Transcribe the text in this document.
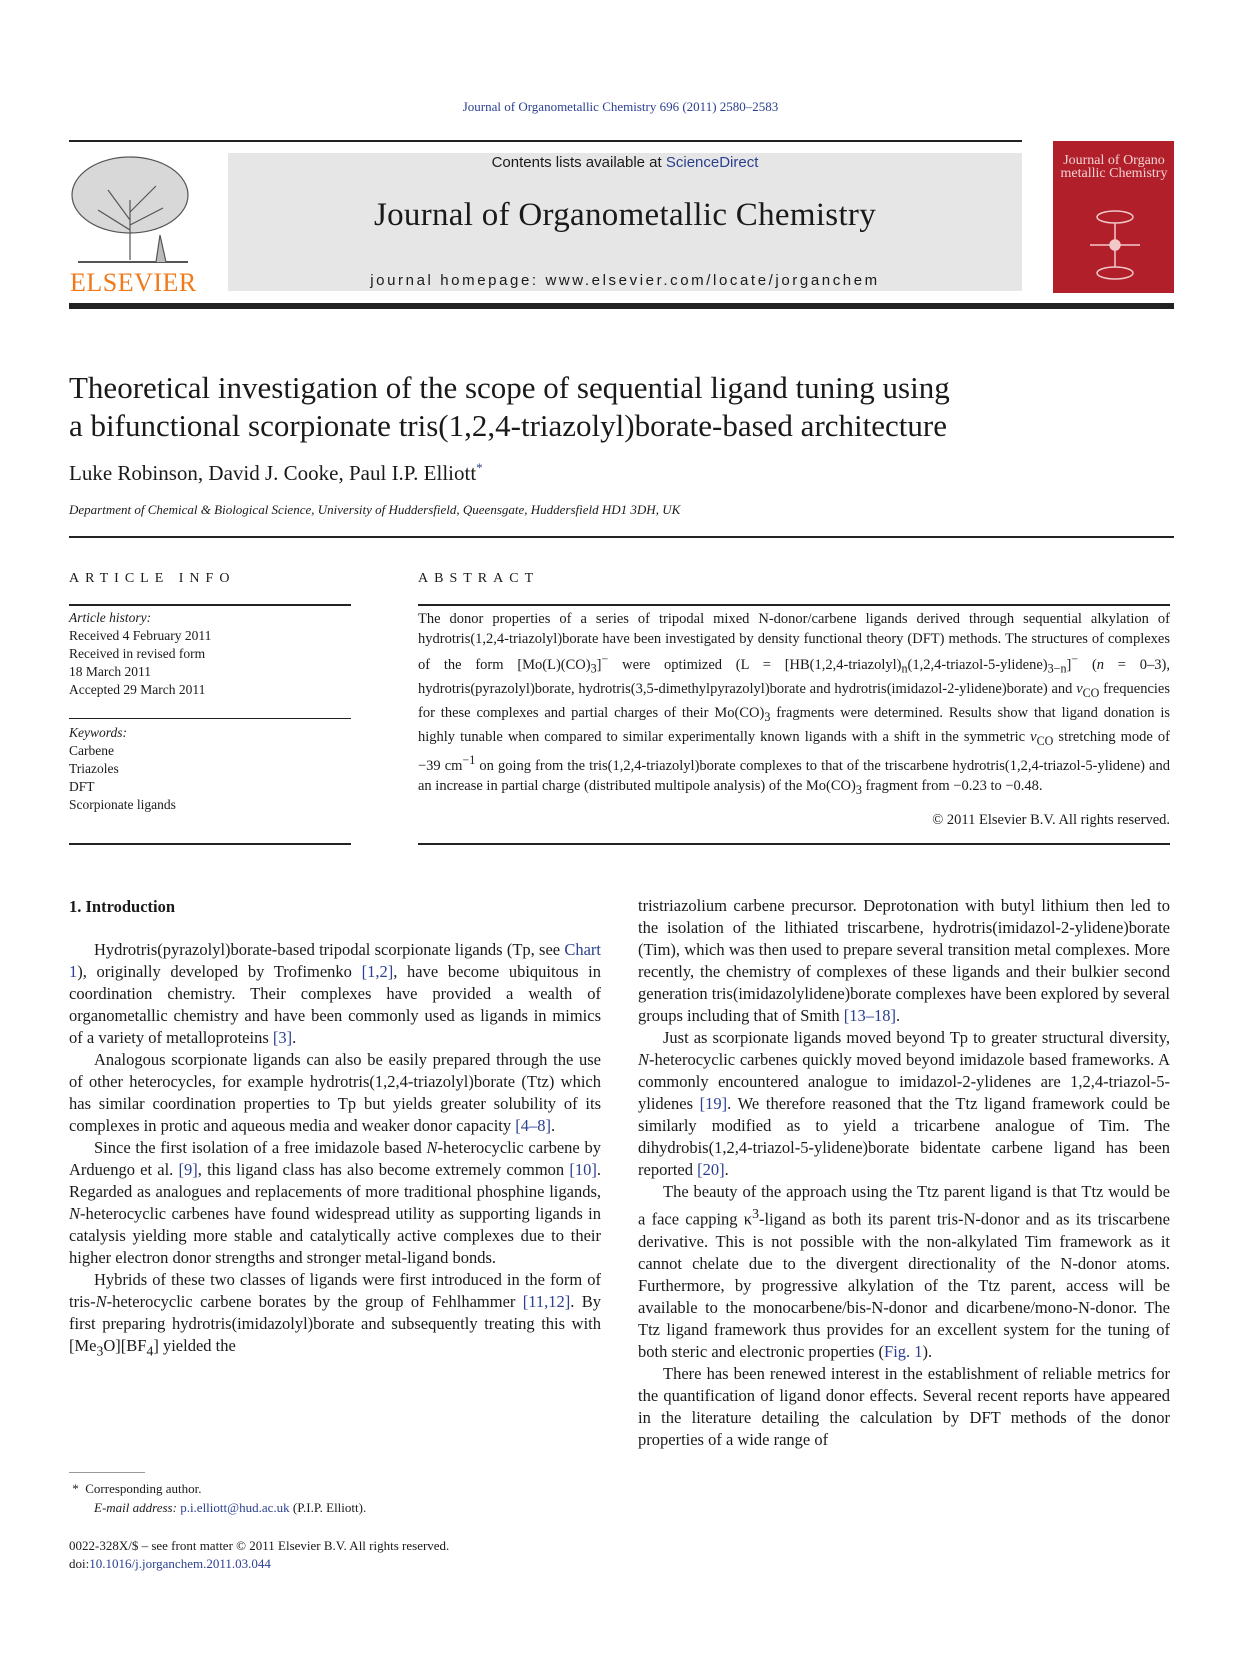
Journal of Organometallic Chemistry 696 (2011) 2580–2583
ELSEVIER
Contents lists available at ScienceDirect
Journal of Organometallic Chemistry
journal homepage: www.elsevier.com/locate/jorganchem
Journal of Organo metallic Chemistry
Theoretical investigation of the scope of sequential ligand tuning using
a bifunctional scorpionate tris(1,2,4-triazolyl)borate-based architecture
Luke Robinson, David J. Cooke, Paul I.P. Elliott*
Department of Chemical & Biological Science, University of Huddersfield, Queensgate, Huddersfield HD1 3DH, UK
ARTICLE INFO
Article history:
Received 4 February 2011
Received in revised form
18 March 2011
Accepted 29 March 2011
Keywords:
Carbene
Triazoles
DFT
Scorpionate ligands
ABSTRACT
The donor properties of a series of tripodal mixed N-donor/carbene ligands derived through sequential alkylation of hydrotris(1,2,4-triazolyl)borate have been investigated by density functional theory (DFT) methods. The structures of complexes of the form $[Mo(L)(CO)_3]^-$ were optimized ($L = [HB(1,2,4-triazolyl)_n(1,2,4-triazol-5-ylidene)_{3-n}]^-$ (n = 0–3), hydrotris(pyrazolyl)borate, hydrotris(3,5-dimethylpyrazolyl)borate and hydrotris(imidazol-2-ylidene)borate) and $\nu_{CO}$ frequencies for these complexes and partial charges of their $Mo(CO)_3$ fragments were determined. Results show that ligand donation is highly tunable when compared to similar experimentally known ligands with a shift in the symmetric $\nu_{CO}$ stretching mode of −39 $cm^{-1}$ on going from the tris(1,2,4-triazolyl)borate complexes to that of the triscarbene hydrotris(1,2,4-triazol-5-ylidene) and an increase in partial charge (distributed multipole analysis) of the $Mo(CO)_3$ fragment from −0.23 to −0.48.
© 2011 Elsevier B.V. All rights reserved.
1. Introduction

Hydrotris(pyrazolyl)borate-based tripodal scorpionate ligands (Tp, see Chart 1), originally developed by Trofimenko [1,2], have become ubiquitous in coordination chemistry. Their complexes have provided a wealth of organometallic chemistry and have been commonly used as ligands in mimics of a variety of metalloproteins [3].

Analogous scorpionate ligands can also be easily prepared through the use of other heterocycles, for example hydrotris(1,2,4-triazolyl)borate (Ttz) which has similar coordination properties to Tp but yields greater solubility of its complexes in protic and aqueous media and weaker donor capacity [4–8].

Since the first isolation of a free imidazole based N-heterocyclic carbene by Arduengo et al. [9], this ligand class has also become extremely common [10]. Regarded as analogues and replacements of more traditional phosphine ligands, N-heterocyclic carbenes have found widespread utility as supporting ligands in catalysis yielding more stable and catalytically active complexes due to their higher electron donor strengths and stronger metal-ligand bonds.

Hybrids of these two classes of ligands were first introduced in the form of tris-N-heterocyclic carbene borates by the group of Fehlhammer [11,12]. By first preparing hydrotris(imidazolyl)borate and subsequently treating this with $[Me_3O][BF_4]$ yielded the

tristriazolium carbene precursor. Deprotonation with butyl lithium then led to the isolation of the lithiated triscarbene, hydrotris(imidazol-2-ylidene)borate (Tim), which was then used to prepare several transition metal complexes. More recently, the chemistry of complexes of these ligands and their bulkier second generation tris(imidazolylidene)borate complexes have been explored by several groups including that of Smith [13–18].

Just as scorpionate ligands moved beyond Tp to greater structural diversity, N-heterocyclic carbenes quickly moved beyond imidazole based frameworks. A commonly encountered analogue to imidazol-2-ylidenes are 1,2,4-triazol-5-ylidenes [19]. We therefore reasoned that the Ttz ligand framework could be similarly modified as to yield a tricarbene analogue of Tim. The dihydrobis(1,2,4-triazol-5-ylidene)borate bidentate carbene ligand has been reported [20].

The beauty of the approach using the Ttz parent ligand is that Ttz would be a face capping $\kappa^3$-ligand as both its parent tris-N-donor and as its triscarbene derivative. This is not possible with the non-alkylated Tim framework as it cannot chelate due to the divergent directionality of the N-donor atoms. Furthermore, by progressive alkylation of the Ttz parent, access will be available to the monocarbene/bis-N-donor and dicarbene/mono-N-donor. The Ttz ligand framework thus provides for an excellent system for the tuning of both steric and electronic properties (Fig. 1).

There has been renewed interest in the establishment of reliable metrics for the quantification of ligand donor effects. Several recent reports have appeared in the literature detailing the calculation by DFT methods of the donor properties of a wide range of

* Corresponding author.
E-mail address: p.i.elliott@hud.ac.uk (P.I.P. Elliott).
0022-328X/$ – see front matter © 2011 Elsevier B.V. All rights reserved.
doi:10.1016/j.jorganchem.2011.03.044
